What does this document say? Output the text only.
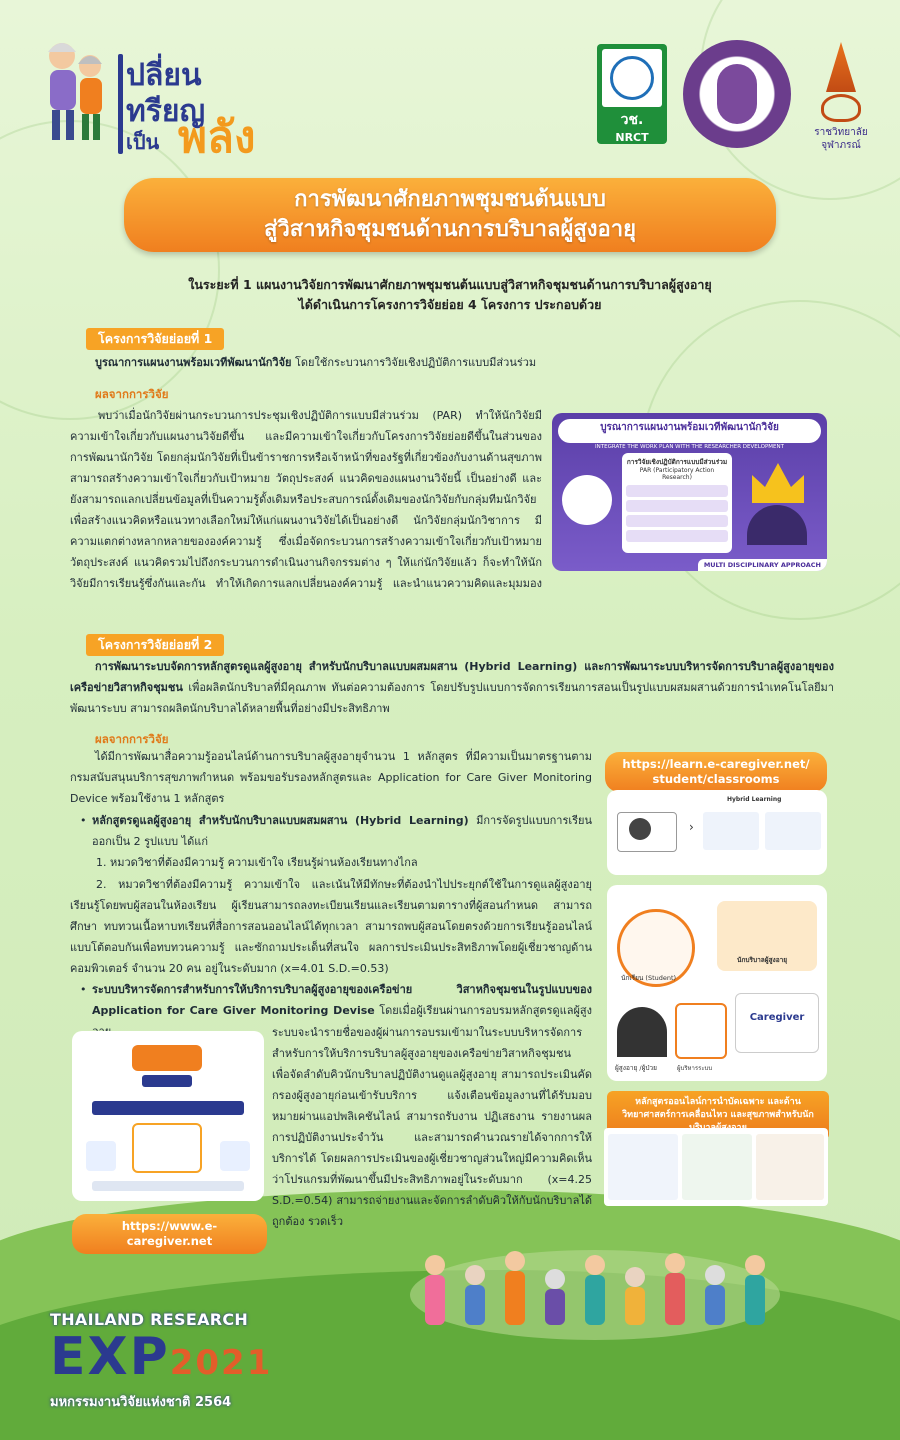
ปลี่ยน
ทรียญ
เป็น พลัง	วช.
NRCT	ราชวิทยาลัย
จุฬาภรณ์
การพัฒนาศักยภาพชุมชนต้นแบบ
สู่วิสาหกิจชุมชนด้านการบริบาลผู้สูงอายุ
ในระยะที่ 1 แผนงานวิจัยการพัฒนาศักยภาพชุมชนต้นแบบสู่วิสาหกิจชุมชนด้านการบริบาลผู้สูงอายุ
ได้ดำเนินการโครงการวิจัยย่อย 4 โครงการ ประกอบด้วย
โครงการวิจัยย่อยที่ 1
บูรณาการแผนงานพร้อมเวทีพัฒนานักวิจัย โดยใช้กระบวนการวิจัยเชิงปฏิบัติการแบบมีส่วนร่วม
ผลจากการวิจัย
บูรณาการแผนงานพร้อมเวทีพัฒนานักวิจัย
INTEGRATE THE WORK PLAN WITH THE RESEARCHER DEVELOPMENT
การวิจัยเชิงปฏิบัติการแบบมีส่วนร่วม
PAR (Participatory Action Research)
MULTI DISCIPLINARY APPROACH
พบว่าเมื่อนักวิจัยผ่านกระบวนการประชุมเชิงปฏิบัติการแบบมีส่วนร่วม (PAR) ทำให้นักวิจัยมีความเข้าใจเกี่ยวกับแผนงานวิจัยดีขึ้น และมีความเข้าใจเกี่ยวกับโครงการวิจัยย่อยดีขึ้นในส่วนของการพัฒนานักวิจัย โดยกลุ่มนักวิจัยที่เป็นข้าราชการหรือเจ้าหน้าที่ของรัฐที่เกี่ยวข้องกับงานด้านสุขภาพ สามารถสร้างความเข้าใจเกี่ยวกับเป้าหมาย วัตถุประสงค์ แนวคิดของแผนงานวิจัยนี้ เป็นอย่างดี และยังสามารถแลกเปลี่ยนข้อมูลที่เป็นความรู้ดั้งเดิมหรือประสบการณ์ดั้งเดิมของนักวิจัยกับกลุ่มทีมนักวิจัยเพื่อสร้างแนวคิดหรือแนวทางเลือกใหม่ให้แก่แผนงานวิจัยได้เป็นอย่างดี นักวิจัยกลุ่มนักวิชาการ มีความแตกต่างหลากหลายขององค์ความรู้ ซึ่งเมื่อจัดกระบวนการสร้างความเข้าใจเกี่ยวกับเป้าหมาย วัตถุประสงค์ แนวคิดรวมไปถึงกระบวนการดำเนินงานกิจกรรมต่าง ๆ ให้แก่นักวิจัยแล้ว ก็จะทำให้นักวิจัยมีการเรียนรู้ซึ่งกันและกัน ทำให้เกิดการแลกเปลี่ยนองค์ความรู้ และนำแนวความคิดและมุมมอง
โครงการวิจัยย่อยที่ 2
การพัฒนาระบบจัดการหลักสูตรดูแลผู้สูงอายุ สำหรับนักบริบาลแบบผสมผสาน (Hybrid Learning) และการพัฒนาระบบบริหารจัดการบริบาลผู้สูงอายุของเครือข่ายวิสาหกิจชุมชน เพื่อผลิตนักบริบาลที่มีคุณภาพ ทันต่อความต้องการ โดยปรับรูปแบบการจัดการเรียนการสอนเป็นรูปแบบผสมผสานด้วยการนำเทคโนโลยีมาพัฒนาระบบ สามารถผลิตนักบริบาลได้หลายพื้นที่อย่างมีประสิทธิภาพ
ผลจากการวิจัย
ได้มีการพัฒนาสื่อความรู้ออนไลน์ด้านการบริบาลผู้สูงอายุจำนวน 1 หลักสูตร ที่มีความเป็นมาตรฐานตามกรมสนับสนุนบริการสุขภาพกำหนด พร้อมขอรับรองหลักสูตรและ Application for Care Giver Monitoring Device พร้อมใช้งาน 1 หลักสูตร
• หลักสูตรดูแลผู้สูงอายุ สำหรับนักบริบาลแบบผสมผสาน (Hybrid Learning) มีการจัดรูปแบบการเรียนออกเป็น 2 รูปแบบ ได้แก่
1. หมวดวิชาที่ต้องมีความรู้ ความเข้าใจ เรียนรู้ผ่านห้องเรียนทางไกล
2. หมวดวิชาที่ต้องมีความรู้ ความเข้าใจ และเน้นให้มีทักษะที่ต้องนำไปประยุกต์ใช้ในการดูแลผู้สูงอายุ เรียนรู้โดยพบผู้สอนในห้องเรียน ผู้เรียนสามารถลงทะเบียนเรียนและเรียนตามตารางที่ผู้สอนกำหนด สามารถศึกษา ทบทวนเนื้อหาบทเรียนที่สื่อการสอนออนไลน์ได้ทุกเวลา สามารถพบผู้สอนโดยตรงด้วยการเรียนรู้ออนไลน์แบบโต้ตอบกันเพื่อทบทวนความรู้ และซักถามประเด็นที่สนใจ ผลการประเมินประสิทธิภาพโดยผู้เชี่ยวชาญด้านคอมพิวเตอร์ จำนวน 20 คน อยู่ในระดับมาก (x=4.01 S.D.=0.53)
• ระบบบริหารจัดการสำหรับการให้บริการบริบาลผู้สูงอายุของเครือข่าย วิสาหกิจชุมชนในรูปแบบของ Application for Care Giver Monitoring Devise โดยเมื่อผู้เรียนผ่านการอบรมหลักสูตรดูแลผู้สูง
ระบบจะนำรายชื่อของผู้ผ่านการอบรมเข้ามาในระบบบริหารจัดการสำหรับการให้บริการบริบาลผู้สูงอายุของเครือข่ายวิสาหกิจชุมชน เพื่อจัดลำดับคิวนักบริบาลปฏิบัติงานดูแลผู้สูงอายุ สามารถประเมินคัดกรองผู้สูงอายุก่อนเข้ารับบริการ แจ้งเตือนข้อมูลงานที่ได้รับมอบหมายผ่านแอปพลิเคชันไลน์ สามารถรับงาน ปฏิเสธงาน รายงานผลการปฏิบัติงานประจำวัน และสามารถคำนวณรายได้จากการให้บริการได้ โดยผลการประเมินของผู้เชี่ยวชาญส่วนใหญ่มีความคิดเห็นว่าโปรแกรมที่พัฒนาขึ้นมีประสิทธิภาพอยู่ในระดับมาก (x=4.25 S.D.=0.54) สามารถจ่ายงานและจัดการลำดับคิวให้กับนักบริบาลได้ถูกต้อง รวดเร็ว
https://www.e-caregiver.net
https://learn.e-caregiver.net/ student/classrooms
Hybrid Learning
›
นักเรียน (Student)
นักบริบาลผู้สูงอายุ
ผู้สูงอายุ /ผู้ป่วย	ผู้บริหารระบบ
Caregiver
หลักสูตรออนไลน์การนำบัดเฉพาะ และด้านวิทยาศาสตร์การเคลื่อนไหว และสุขภาพสำหรับนัก
THAILAND RESEARCH
EXP2021
มหกรรมงานวิจัยแห่งชาติ 2564
